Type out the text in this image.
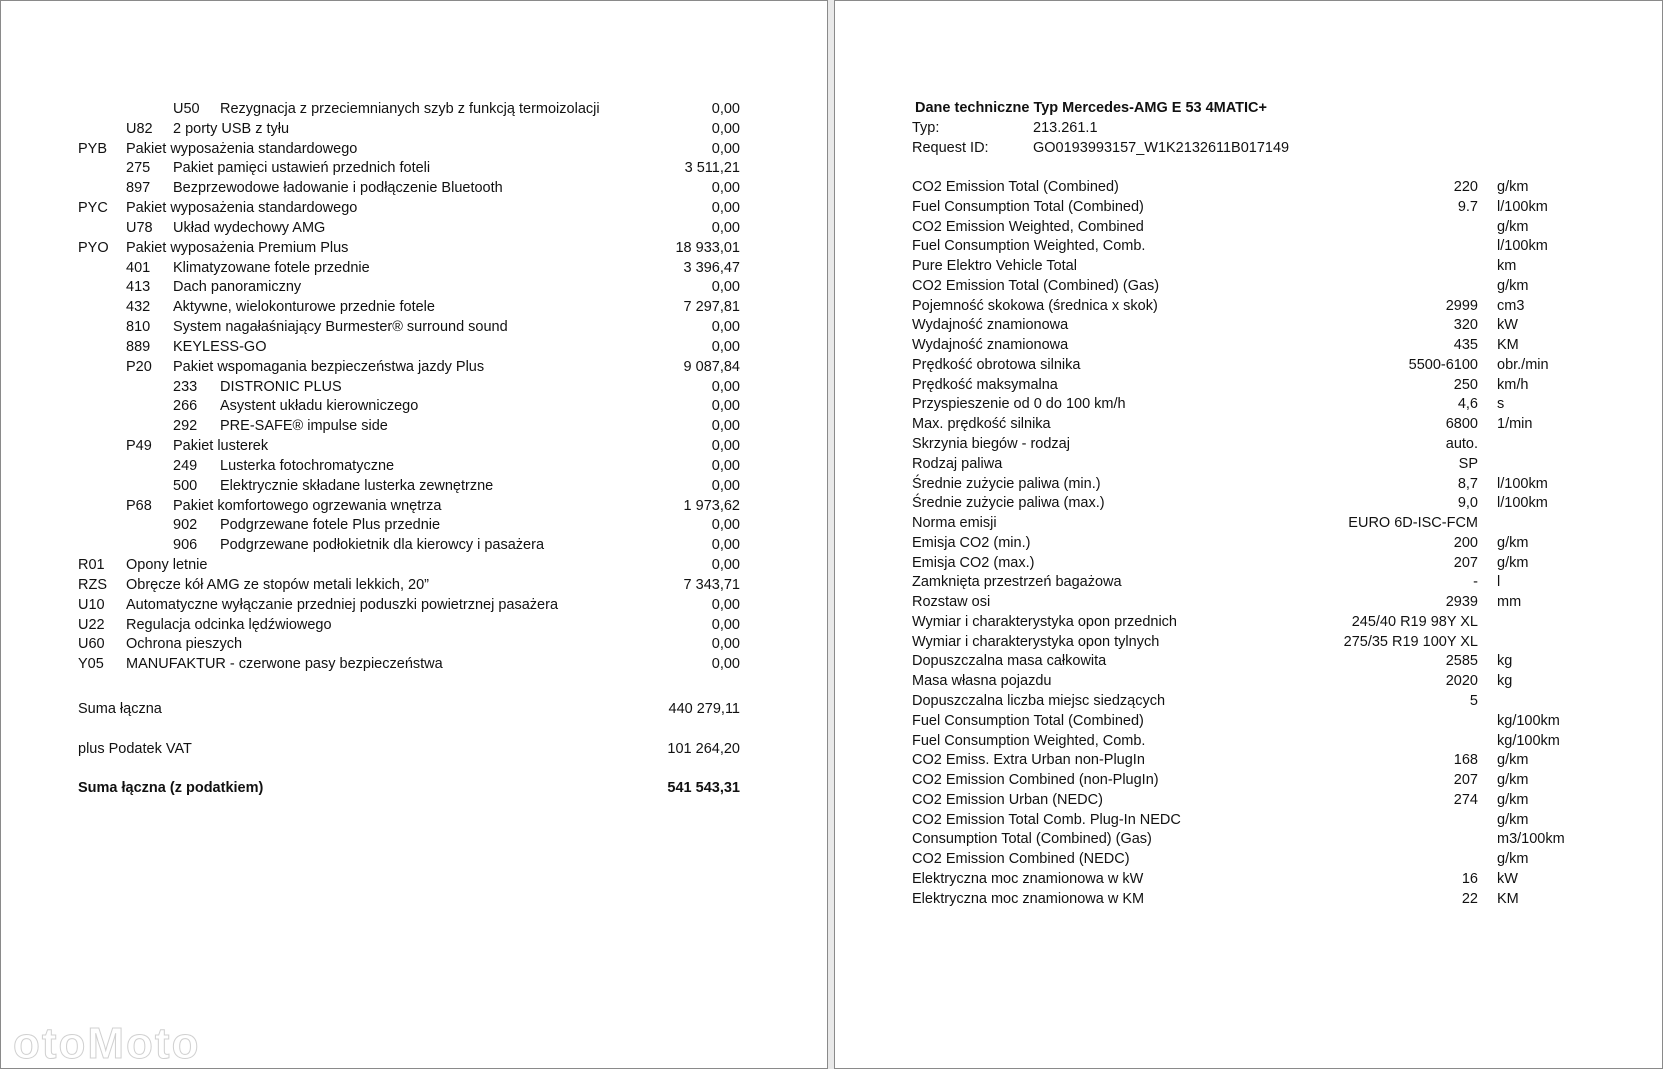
U50 Rezygnacja z przeciemnianych szyb z funkcją termoizolacji	0,00
U82 2 porty USB z tyłu	0,00
PYB Pakiet wyposażenia standardowego	0,00
275 Pakiet pamięci ustawień przednich foteli	3 511,21
897 Bezprzewodowe ładowanie i podłączenie Bluetooth	0,00
PYC Pakiet wyposażenia standardowego	0,00
U78 Układ wydechowy AMG	0,00
PYO Pakiet wyposażenia Premium Plus	18 933,01
401 Klimatyzowane fotele przednie	3 396,47
413 Dach panoramiczny	0,00
432 Aktywne, wielokonturowe przednie fotele	7 297,81
810 System nagałaśniający Burmester® surround sound	0,00
889 KEYLESS-GO	0,00
P20 Pakiet wspomagania bezpieczeństwa jazdy Plus	9 087,84
233 DISTRONIC PLUS	0,00
266 Asystent układu kierowniczego	0,00
292 PRE-SAFE® impulse side	0,00
P49 Pakiet lusterek	0,00
249 Lusterka fotochromatyczne	0,00
500 Elektrycznie składane lusterka zewnętrzne	0,00
P68 Pakiet komfortowego ogrzewania wnętrza	1 973,62
902 Podgrzewane fotele Plus przednie	0,00
906 Podgrzewane podłokietnik dla kierowcy i pasażera	0,00
R01 Opony letnie	0,00
RZS Obręcze kół AMG ze stopów metali lekkich, 20”	7 343,71
U10 Automatyczne wyłączanie przedniej poduszki powietrznej pasażera	0,00
U22 Regulacja odcinka lędźwiowego	0,00
U60 Ochrona pieszych	0,00
Y05 MANUFAKTUR - czerwone pasy bezpieczeństwa	0,00
Suma łączna	440 279,11
plus Podatek VAT	101 264,20
Suma łączna (z podatkiem)	541 543,31
otoMoto
Dane techniczne Typ Mercedes-AMG E 53 4MATIC+
Typ:	213.261.1
Request ID:	GO0193993157_W1K2132611B017149
CO2 Emission Total (Combined)	220 g/km
Fuel Consumption Total (Combined)	9.7 l/100km
CO2 Emission Weighted, Combined	g/km
Fuel Consumption Weighted, Comb.	l/100km
Pure Elektro Vehicle Total	km
CO2 Emission Total (Combined) (Gas)	g/km
Pojemność skokowa (średnica x skok)	2999 cm3
Wydajność znamionowa	320 kW
Wydajność znamionowa	435 KM
Prędkość obrotowa silnika	5500-6100 obr./min
Prędkość maksymalna	250 km/h
Przyspieszenie od 0 do 100 km/h	4,6 s
Max. prędkość silnika	6800 1/min
Skrzynia biegów - rodzaj	auto.
Rodzaj paliwa	SP
Średnie zużycie paliwa (min.)	8,7 l/100km
Średnie zużycie paliwa (max.)	9,0 l/100km
Norma emisji	EURO 6D-ISC-FCM
Emisja CO2 (min.)	200 g/km
Emisja CO2 (max.)	207 g/km
Zamknięta przestrzeń bagażowa	- l
Rozstaw osi	2939 mm
Wymiar i charakterystyka opon przednich	245/40 R19 98Y XL
Wymiar i charakterystyka opon tylnych	275/35 R19 100Y XL
Dopuszczalna masa całkowita	2585 kg
Masa własna pojazdu	2020 kg
Dopuszczalna liczba miejsc siedzących	5
Fuel Consumption Total (Combined)	kg/100km
Fuel Consumption Weighted, Comb.	kg/100km
CO2 Emiss. Extra Urban non-PlugIn	168 g/km
CO2 Emission Combined (non-PlugIn)	207 g/km
CO2 Emission Urban (NEDC)	274 g/km
CO2 Emission Total Comb. Plug-In NEDC	g/km
Consumption Total (Combined) (Gas)	m3/100km
CO2 Emission Combined (NEDC)	g/km
Elektryczna moc znamionowa w kW	16 kW
Elektryczna moc znamionowa w KM	22 KM
